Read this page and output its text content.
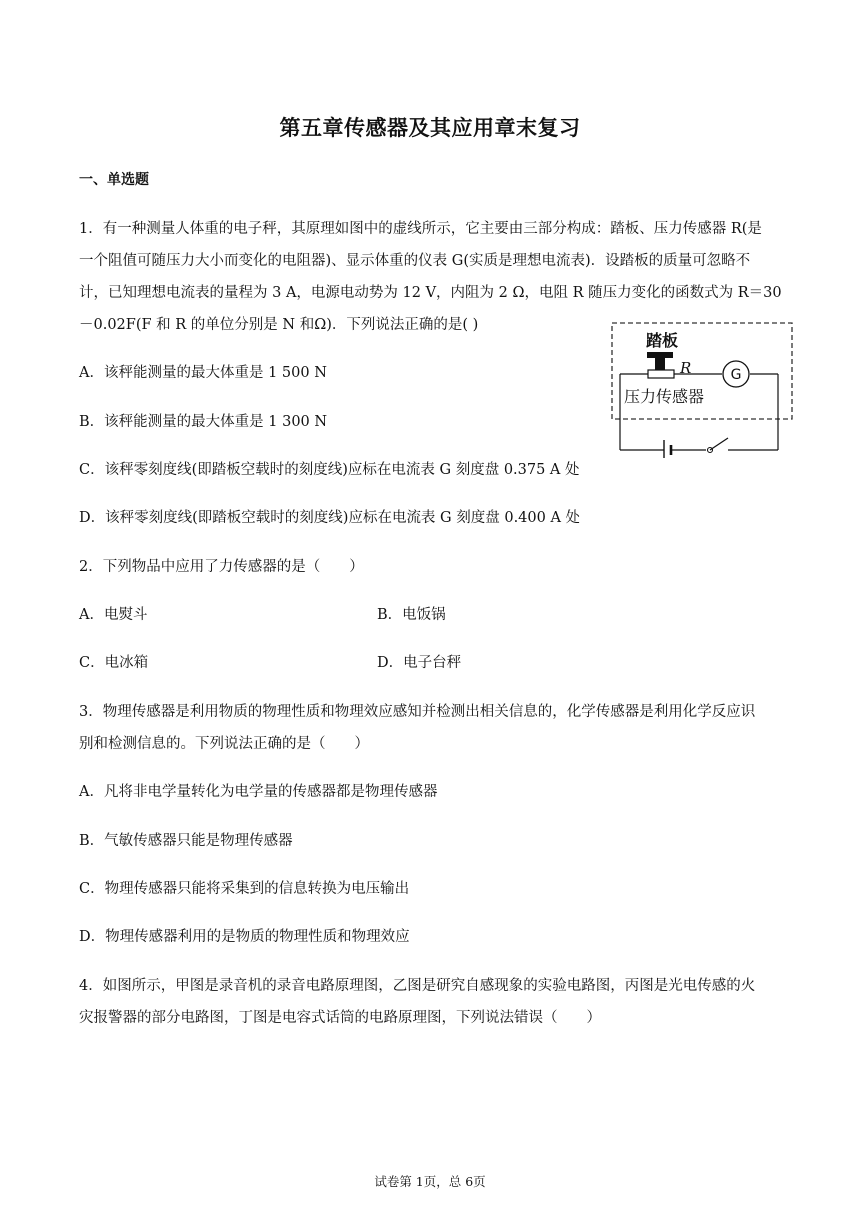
第五章传感器及其应用章末复习
一、单选题
1．有一种测量人体重的电子秤，其原理如图中的虚线所示，它主要由三部分构成：踏板、压力传感器 R(是
一个阻值可随压力大小而变化的电阻器)、显示体重的仪表 G(实质是理想电流表)．设踏板的质量可忽略不
计，已知理想电流表的量程为 3 A，电源电动势为 12 V，内阻为 2 Ω，电阻 R 随压力变化的函数式为 R＝30
－0.02F(F 和 R 的单位分别是 N 和Ω)．下列说法正确的是( )
A．该秤能测量的最大体重是 1 500 N
B．该秤能测量的最大体重是 1 300 N
C．该秤零刻度线(即踏板空载时的刻度线)应标在电流表 G 刻度盘 0.375 A 处
D．该秤零刻度线(即踏板空载时的刻度线)应标在电流表 G 刻度盘 0.400 A 处
踏板
R	G
压力传感器
2．下列物品中应用了力传感器的是（　　）
A．电熨斗	B．电饭锅
C．电冰箱	D．电子台秤
3．物理传感器是利用物质的物理性质和物理效应感知并检测出相关信息的，化学传感器是利用化学反应识
别和检测信息的。下列说法正确的是（　　）
A．凡将非电学量转化为电学量的传感器都是物理传感器
B．气敏传感器只能是物理传感器
C．物理传感器只能将采集到的信息转换为电压输出
D．物理传感器利用的是物质的物理性质和物理效应
4．如图所示，甲图是录音机的录音电路原理图，乙图是研究自感现象的实验电路图，丙图是光电传感的火
灾报警器的部分电路图，丁图是电容式话筒的电路原理图，下列说法错误（　　）
试卷第 1页，总 6页
